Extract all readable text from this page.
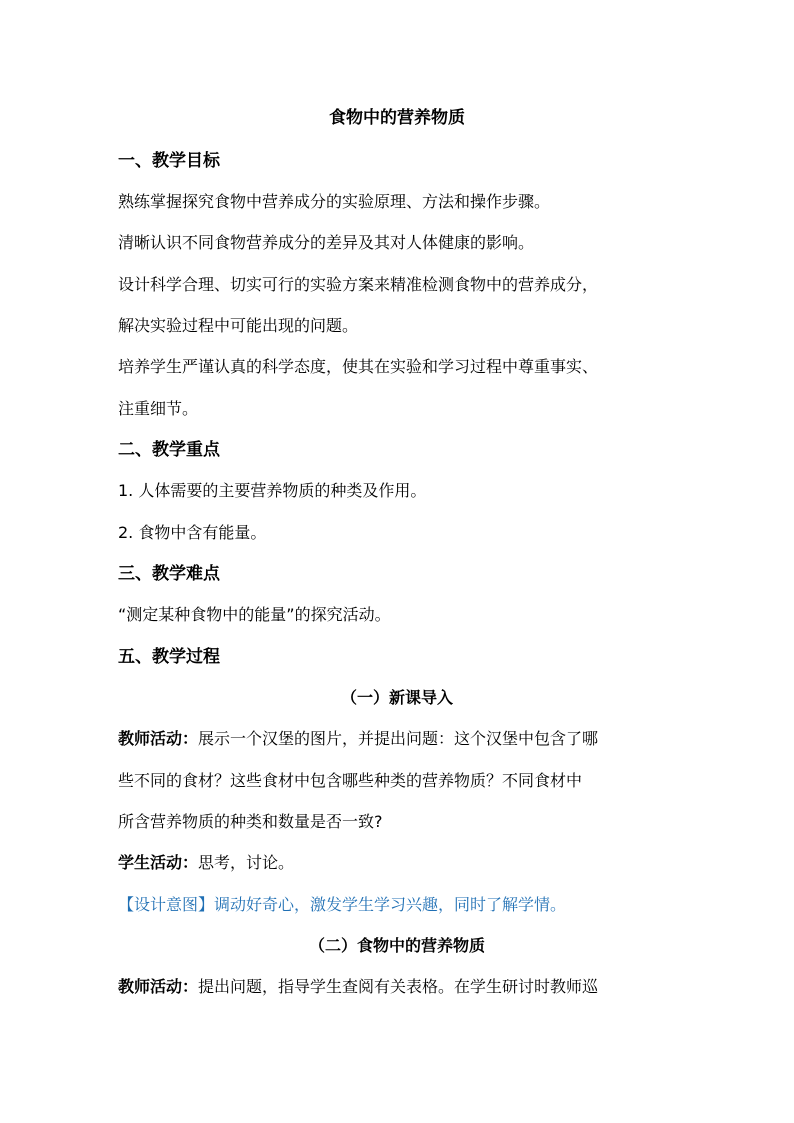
食物中的营养物质
一、教学目标
熟练掌握探究食物中营养成分的实验原理、方法和操作步骤。
清晰认识不同食物营养成分的差异及其对人体健康的影响。
设计科学合理、切实可行的实验方案来精准检测食物中的营养成分，
解决实验过程中可能出现的问题。
培养学生严谨认真的科学态度，使其在实验和学习过程中尊重事实、
注重细节。
二、教学重点
1. 人体需要的主要营养物质的种类及作用。
2. 食物中含有能量。
三、教学难点
“测定某种食物中的能量”的探究活动。
五、教学过程
（一）新课导入
教师活动：展示一个汉堡的图片，并提出问题：这个汉堡中包含了哪
些不同的食材？这些食材中包含哪些种类的营养物质？不同食材中
所含营养物质的种类和数量是否一致?
学生活动：思考，讨论。
【设计意图】调动好奇心，激发学生学习兴趣，同时了解学情。
（二）食物中的营养物质
教师活动：提出问题，指导学生查阅有关表格。在学生研讨时教师巡
